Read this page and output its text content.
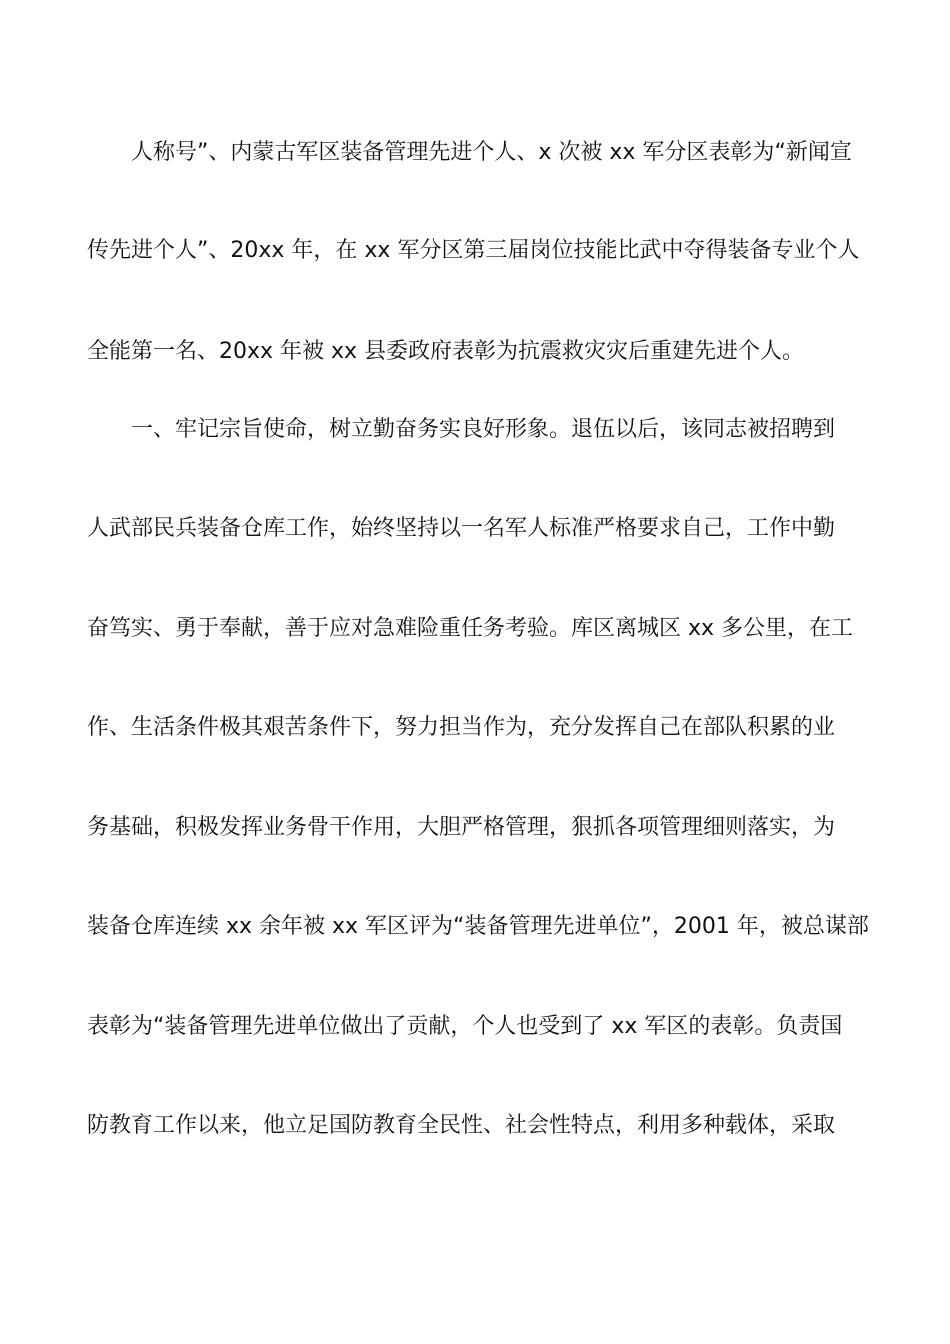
人称号”、内蒙古军区装备管理先进个人、x 次被 xx 军分区表彰为“新闻宣
传先进个人”、20xx 年，在 xx 军分区第三届岗位技能比武中夺得装备专业个人
全能第一名、20xx 年被 xx 县委政府表彰为抗震救灾灾后重建先进个人。
一、牢记宗旨使命，树立勤奋务实良好形象。退伍以后，该同志被招聘到
人武部民兵装备仓库工作，始终坚持以一名军人标准严格要求自己，工作中勤
奋笃实、勇于奉献，善于应对急难险重任务考验。库区离城区 xx 多公里，在工
作、生活条件极其艰苦条件下，努力担当作为，充分发挥自己在部队积累的业
务基础，积极发挥业务骨干作用，大胆严格管理，狠抓各项管理细则落实，为
装备仓库连续 xx 余年被 xx 军区评为“装备管理先进单位”，2001 年，被总谋部
表彰为“装备管理先进单位做出了贡献，个人也受到了 xx 军区的表彰。负责国
防教育工作以来，他立足国防教育全民性、社会性特点，利用多种载体，采取
